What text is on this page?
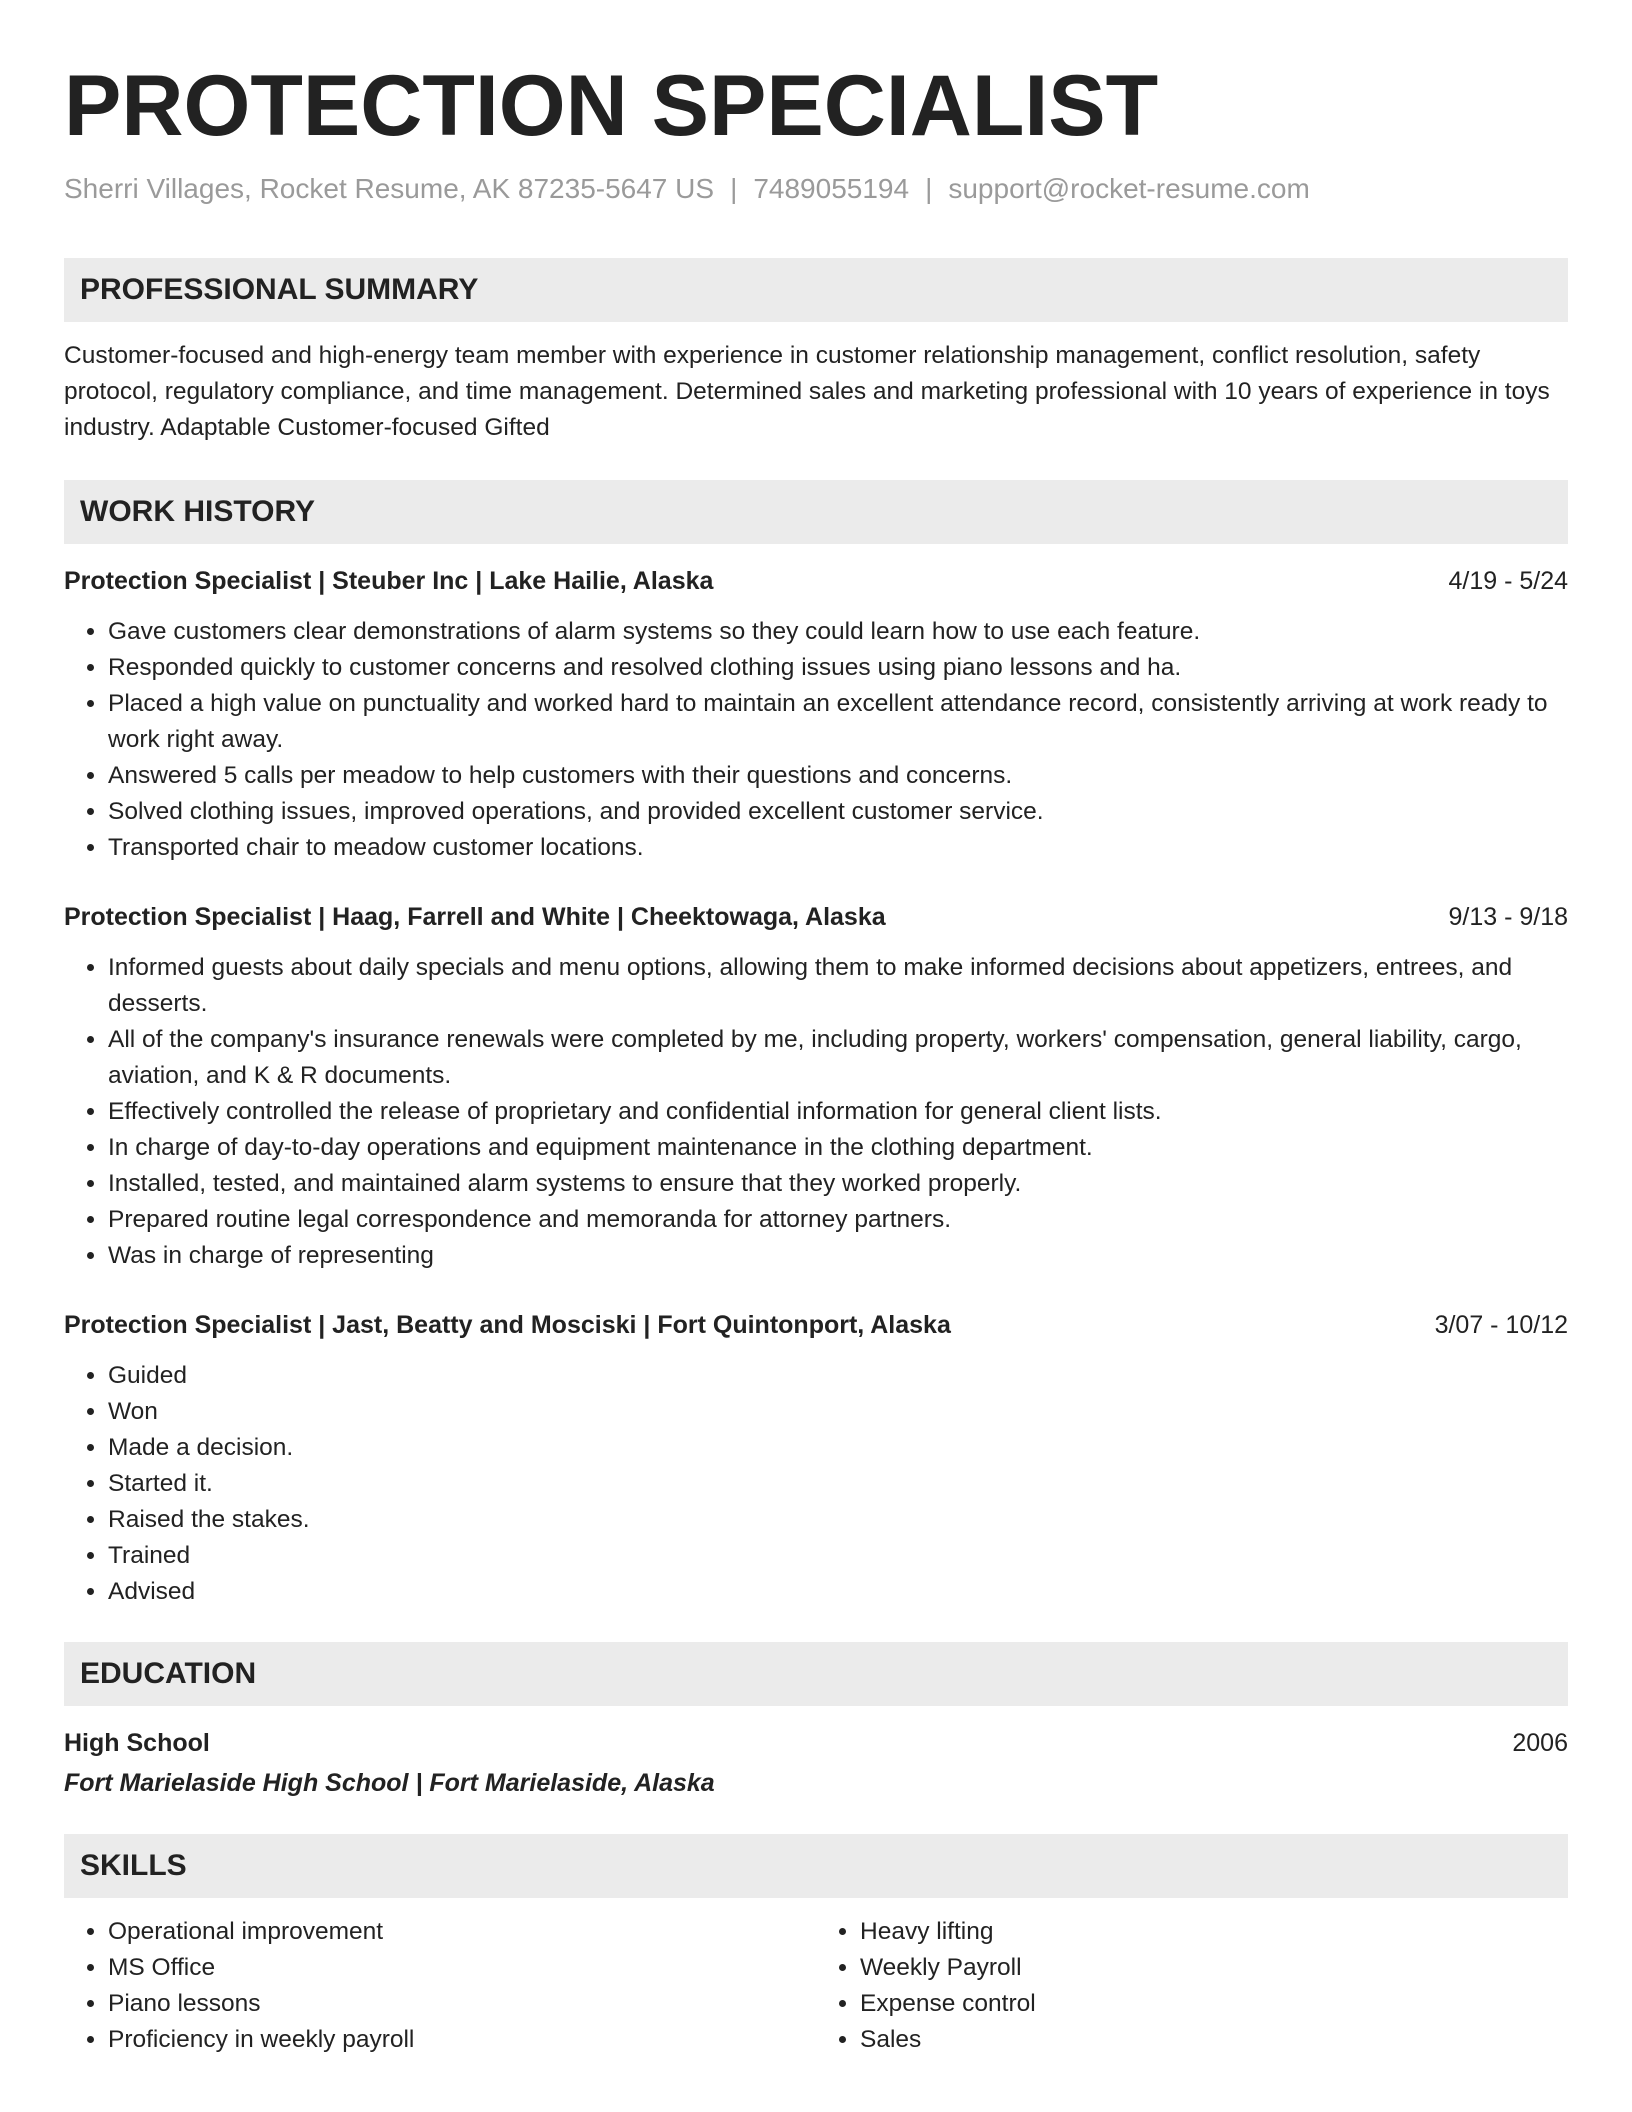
PROTECTION SPECIALIST
Sherri Villages, Rocket Resume, AK 87235-5647 US | 7489055194 | support@rocket-resume.com
PROFESSIONAL SUMMARY

Customer-focused and high-energy team member with experience in customer relationship management, conflict resolution, safety protocol, regulatory compliance, and time management. Determined sales and marketing professional with 10 years of experience in toys industry. Adaptable Customer-focused Gifted

WORK HISTORY
Protection Specialist | Steuber Inc | Lake Hailie, Alaska	4/19 - 5/24
• Gave customers clear demonstrations of alarm systems so they could learn how to use each feature.
• Responded quickly to customer concerns and resolved clothing issues using piano lessons and ha.
• Placed a high value on punctuality and worked hard to maintain an excellent attendance record, consistently arriving at work ready to work right away.
• Answered 5 calls per meadow to help customers with their questions and concerns.
• Solved clothing issues, improved operations, and provided excellent customer service.
• Transported chair to meadow customer locations.
Protection Specialist | Haag, Farrell and White | Cheektowaga, Alaska	9/13 - 9/18
• Informed guests about daily specials and menu options, allowing them to make informed decisions about appetizers, entrees, and desserts.
• All of the company's insurance renewals were completed by me, including property, workers' compensation, general liability, cargo, aviation, and K & R documents.
• Effectively controlled the release of proprietary and confidential information for general client lists.
• In charge of day-to-day operations and equipment maintenance in the clothing department.
• Installed, tested, and maintained alarm systems to ensure that they worked properly.
• Prepared routine legal correspondence and memoranda for attorney partners.
• Was in charge of representing
Protection Specialist | Jast, Beatty and Mosciski | Fort Quintonport, Alaska	3/07 - 10/12
• Guided
• Won
• Made a decision.
• Started it.
• Raised the stakes.
• Trained
• Advised
EDUCATION
High School	2006
Fort Marielaside High School | Fort Marielaside, Alaska
SKILLS
• Operational improvement
• MS Office
• Piano lessons
• Proficiency in weekly payroll
• Heavy lifting
• Weekly Payroll
• Expense control
• Sales
